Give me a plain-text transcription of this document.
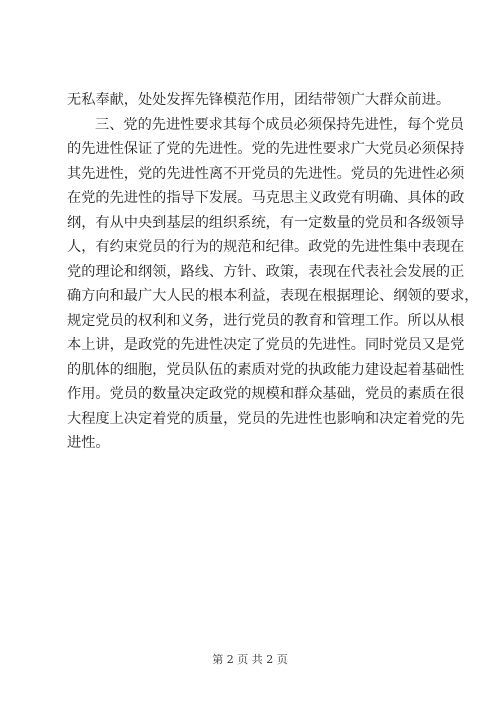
无私奉献，处处发挥先锋模范作用，团结带领广大群众前进。
三、党的先进性要求其每个成员必须保持先进性，每个党员
的先进性保证了党的先进性。党的先进性要求广大党员必须保持
其先进性，党的先进性离不开党员的先进性。党员的先进性必须
在党的先进性的指导下发展。马克思主义政党有明确、具体的政
纲，有从中央到基层的组织系统，有一定数量的党员和各级领导
人，有约束党员的行为的规范和纪律。政党的先进性集中表现在
党的理论和纲领，路线、方针、政策，表现在代表社会发展的正
确方向和最广大人民的根本利益，表现在根据理论、纲领的要求，
规定党员的权利和义务，进行党员的教育和管理工作。所以从根
本上讲，是政党的先进性决定了党员的先进性。同时党员又是党
的肌体的细胞，党员队伍的素质对党的执政能力建设起着基础性
作用。党员的数量决定政党的规模和群众基础，党员的素质在很
大程度上决定着党的质量，党员的先进性也影响和决定着党的先
进性。
第 2 页 共 2 页
